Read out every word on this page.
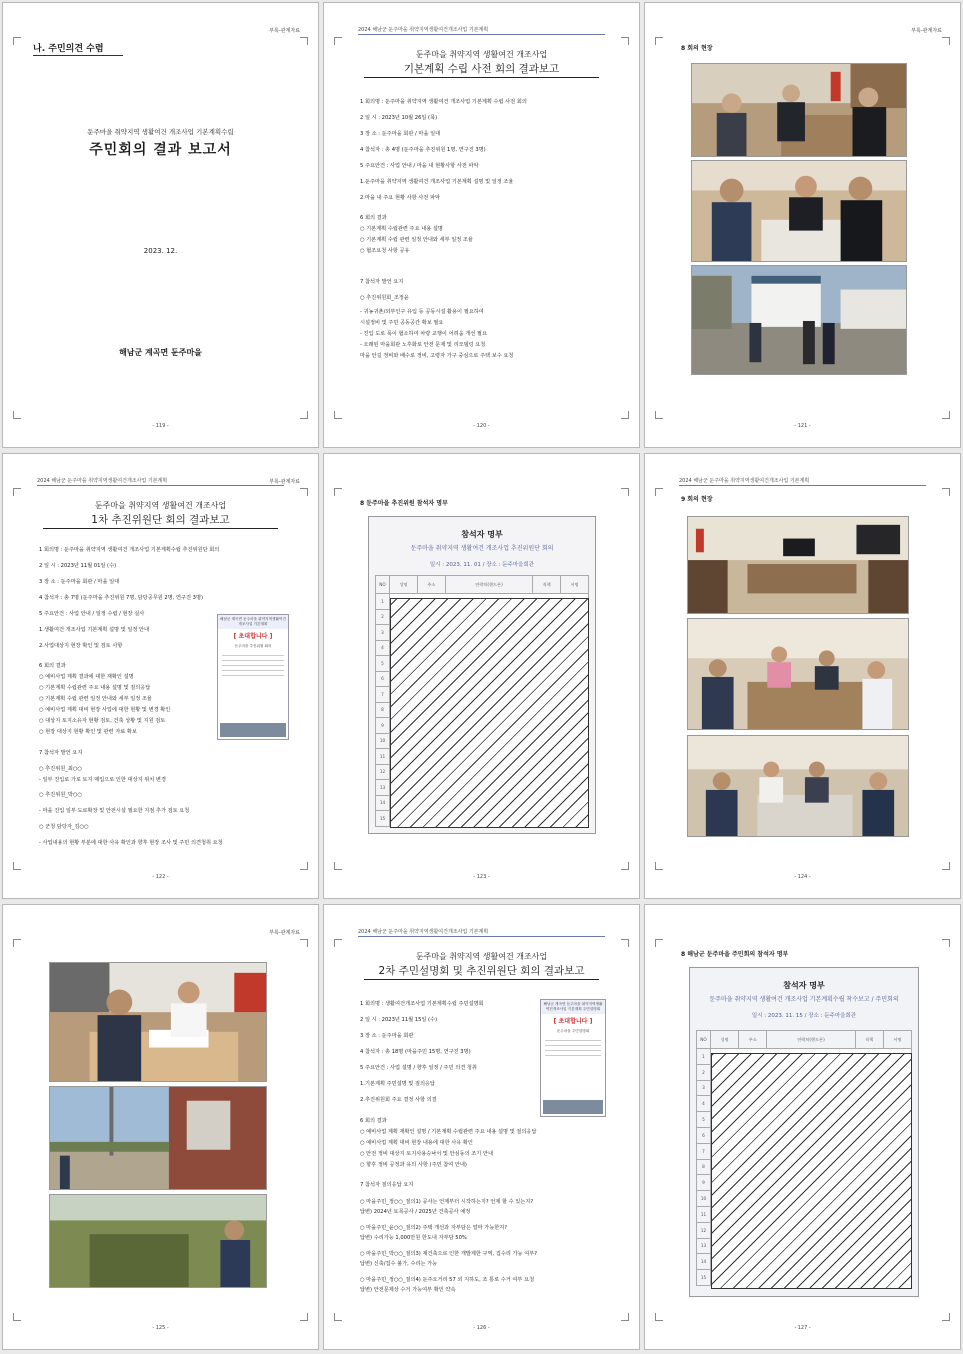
부록-관계자료
나. 주민의견 수렴
둔주마을 취약지역 생활여건 개조사업 기본계획수립
주민회의 결과 보고서
2023. 12.
해남군 계곡면 둔주마을
- 119 -
2024 해남군 둔주마을 취약지역생활여건개조사업 기본계획
둔주마을 취약지역 생활여건 개조사업
기본계획 수립 사전 회의 결과보고
1 회의명 : 둔주마을 취약지역 생활여건 개조사업 기본계획 수립 사전 회의
2 일 시 : 2023년 10월 26일 (목)
3 장 소 : 둔주마을 회관 / 마을 일대
4 참석자 : 총 4명 (둔주마을 추진위원 1명, 연구진 3명)
5 주요안건 : 사업 안내 / 마을 내 현황사항 사전 파악
1.둔주마을 취약지역 생활여건 개조사업 기본계획 설명 및 일정 조율
2.마을 내 주요 현황 사항 사전 파악
6 회의 결과
○ 기본계획 수립관련 주요 내용 설명
○ 기본계획 수립 관련 일정 안내와 세부 일정 조율
○ 협조요청 사항 공유
7 참석자 발언 요지
○ 추진위원회_조정윤
- 귀농귀촌/외부인구 유입 등 공동시설 활용이 필요하여
시설정비 및 주민 공동공간 확보 필요
- 진입 도로 폭이 협소하여 차량 교행이 어려움 개선 필요
- 오래된 마을회관 노후화로 안전 문제 및 리모델링 요청
마을 안길 정비와 배수로 정비, 고령자 가구 중심으로 주택 보수 요청
- 120 -
부록-관계자료
8 회의 현장
- 121 -
2024 해남군 둔주마을 취약지역생활여건개조사업 기본계획	부록-관계자료
둔주마을 취약지역 생활여건 개조사업
1차 추진위원단 회의 결과보고
1 회의명 : 둔주마을 취약지역 생활여건 개조사업 기본계획수립 추진위원단 회의
2 일 시 : 2023년 11월 01일 (수)
3 장 소 : 둔주마을 회관 / 마을 일대
4 참석자 : 총 7명 (둔주마을 추진위원 7명, 담당공무원 2명, 연구진 3명)
5 주요안건 : 사업 안내 / 일정 수립 / 현장 실사
1.생활여건 개조사업 기본계획 설명 및 일정 안내
2.사업대상지 현장 확인 및 검토 사항
6 회의 결과
○ 예비사업 계획 결과에 대한 재확인 설명
○ 기본계획 수립관련 주요 내용 설명 및 질의응답
○ 기본계획 수립 관련 일정 안내와 세부 일정 조율
○ 예비사업 계획 대비 현장 사업에 대한 현황 및 변경 확인
○ 대상지 토지소유자 현황 검토, 건축 상황 및 지원 검토
○ 현장 대상지 현황 확인 및 관련 자료 확보
7 참석자 발언 요지
○ 추진위원_최○○
- 일부 진입로 가로 토지 매입으로 인한 대상지 위치 변경
○ 추진위원_박○○
- 마을 진입 일부 도로확장 및 안전시설 필요한 지점 추가 검토 요청
○ 군청 담당자_김○○
- 사업내용의 현황 부분에 대한 사유 확인과 향후 현장 조사 및 주민 의견청취 요청
해남군 계곡면 둔주마을 취약지역생활여건개조사업 기본계획
[ 초대합니다 ]
둔주마을 추진위원 회의
- 122 -
8 둔주마을 추진위원 참석자 명부
참석자 명부
둔주마을 취약지역 생활여건 개조사업 추진위원단 회의
일시 : 2023. 11. 01 / 장소 : 둔주마을회관
NO	성명	주소	연락처(핸드폰)	직책	서명
1					
2					
3					
4					
5					
6					
7					
8					
9					
10					
11					
12					
13					
14					
15					
- 123 -
2024 해남군 둔주마을 취약지역생활여건개조사업 기본계획
9 회의 현장
- 124 -
부록-관계자료
- 125 -
2024 해남군 둔주마을 취약지역생활여건개조사업 기본계획
둔주마을 취약지역 생활여건 개조사업
2차 주민설명회 및 추진위원단 회의 결과보고
1 회의명 : 생활여건개조사업 기본계획수립 주민설명회
2 일 시 : 2023년 11월 15일 (수)
3 장 소 : 둔주마을 회관
4 참석자 : 총 18명 (마을주민 15명, 연구진 3명)
5 주요안건 : 사업 설명 / 향후 일정 / 주민 의견 청취
1.기본계획 주민설명 및 질의응답
2.추진위원회 주요 결정 사항 의결
6 회의 결과
○ 예비사업 계획 재확인 설명 / 기본계획 수립관련 주요 내용 설명 및 질의응답
○ 예비사업 계획 대비 현장 내용에 대한 사유 확인
○ 안전 정비 대상지 토지사용승낙서 및 안심동의 조기 안내
○ 향후 정비 공정과 유의 사항 (주민 참여 안내)
7 참석자 질의응답 요지
○ 마을주민_정○○_질의1) 공사는 언제부터 시작하는지? 언제 할 수 있는지?
답변) 2024년 토목공사 / 2025년 건축공사 예정
○ 마을주민_윤○○_질의2) 주택 개선과 자부담은 얼마 가능한지?
답변) 수리가능 1,000만원 한도내 자부담 50%
○ 마을주민_박○○_질의3) 재건축으로 인한 개발제한 구역, 집수리 가능 여부?
답변) 신축/집수 불가, 수리는 가능
○ 마을주민_정○○_질의4) 둔주오거리 57 외 지하도, 조 통로 수거 여부 요청
답변) 안전문제상 수거 가능여부 확인 약속
해남군 계곡면 둔주마을 취약지역생활여건개조사업 기본계획 주민설명회
[ 초대합니다 ]
둔주마을 주민설명회
- 126 -
8 해남군 둔주마을 주민회의 참석자 명부
참석자 명부
둔주마을 취약지역 생활여건 개조사업 기본계획수립 착수보고 / 주민회의
일시 : 2023. 11. 15 / 장소 : 둔주마을회관
NO	성명	주소	연락처(핸드폰)	직책	서명
1					
2					
3					
4					
5					
6					
7					
8					
9					
10					
11					
12					
13					
14					
15					
- 127 -
